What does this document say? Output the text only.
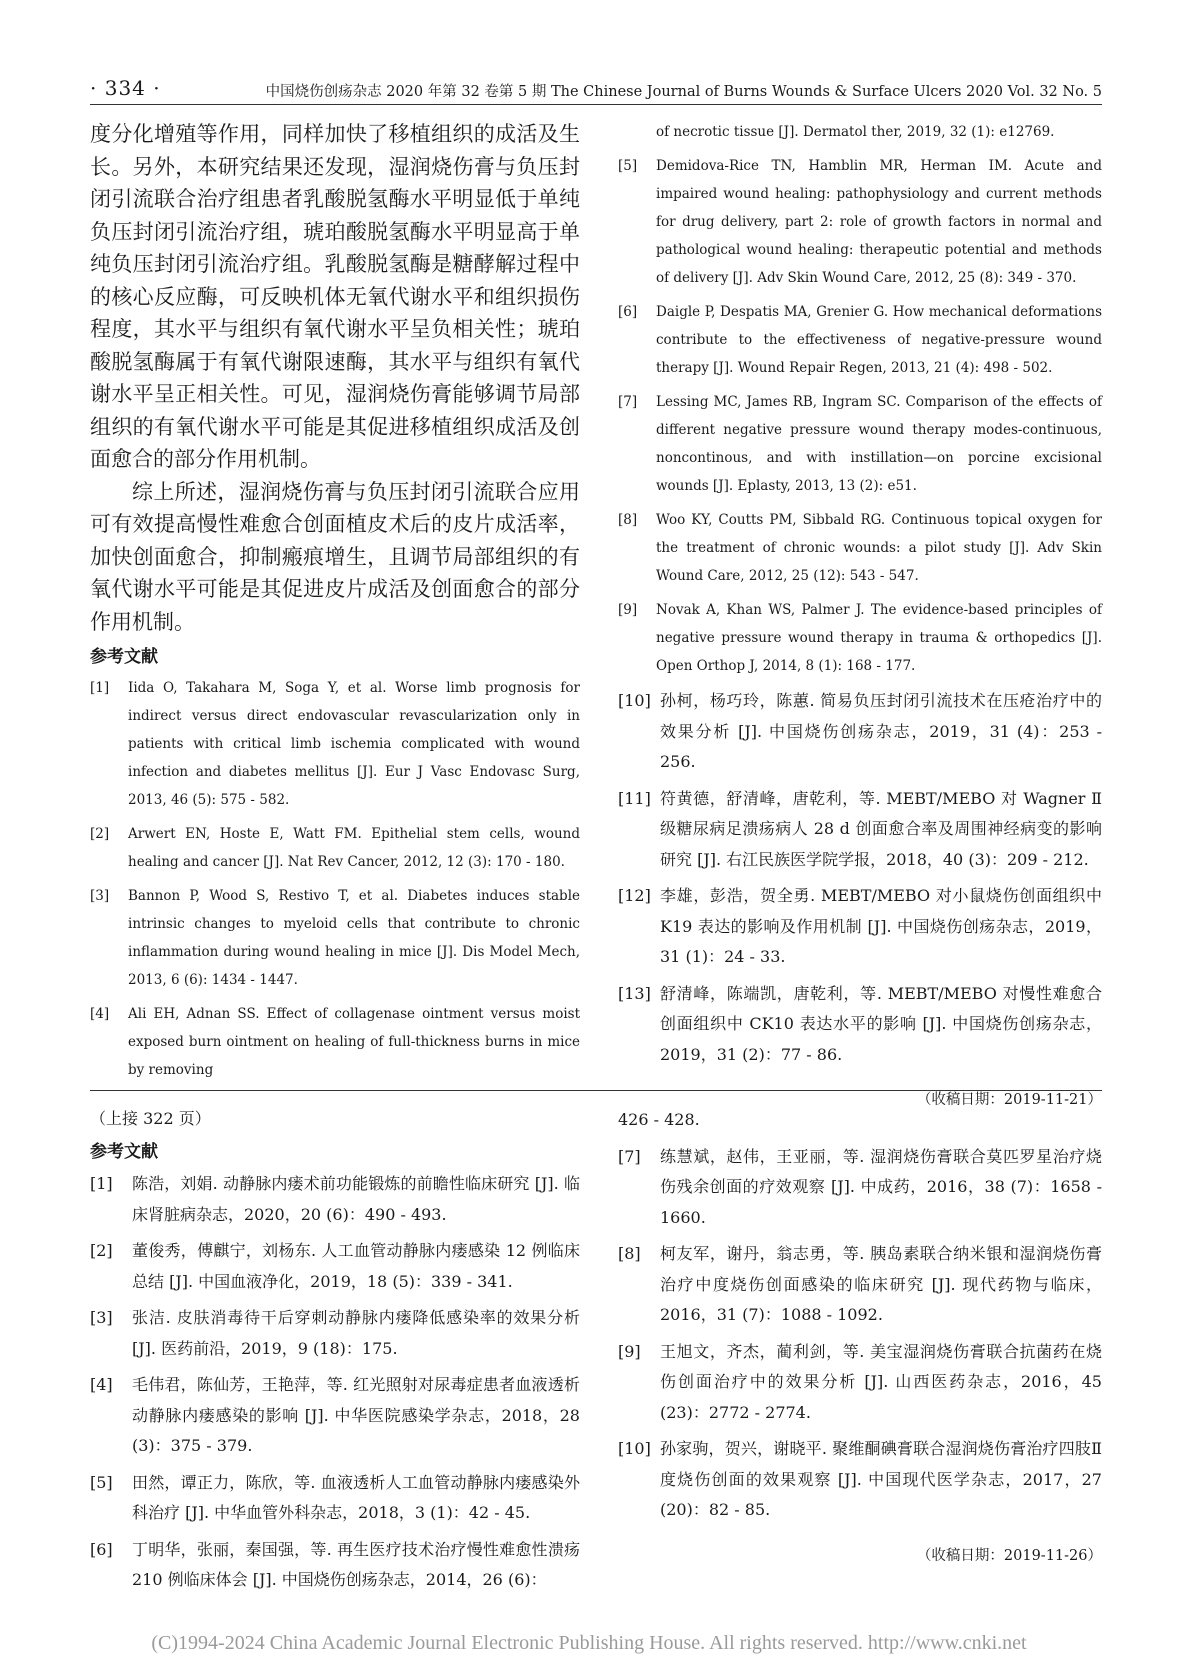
· 334 ·	中国烧伤创疡杂志 2020 年第 32 卷第 5 期 The Chinese Journal of Burns Wounds & Surface Ulcers 2020 Vol. 32 No. 5

度分化增殖等作用，同样加快了移植组织的成活及生长。另外，本研究结果还发现，湿润烧伤膏与负压封闭引流联合治疗组患者乳酸脱氢酶水平明显低于单纯负压封闭引流治疗组，琥珀酸脱氢酶水平明显高于单纯负压封闭引流治疗组。乳酸脱氢酶是糖酵解过程中的核心反应酶，可反映机体无氧代谢水平和组织损伤程度，其水平与组织有氧代谢水平呈负相关性；琥珀酸脱氢酶属于有氧代谢限速酶，其水平与组织有氧代谢水平呈正相关性。可见，湿润烧伤膏能够调节局部组织的有氧代谢水平可能是其促进移植组织成活及创面愈合的部分作用机制。

综上所述，湿润烧伤膏与负压封闭引流联合应用可有效提高慢性难愈合创面植皮术后的皮片成活率，加快创面愈合，抑制瘢痕增生，且调节局部组织的有氧代谢水平可能是其促进皮片成活及创面愈合的部分作用机制。

参考文献
[1]	Iida O, Takahara M, Soga Y, et al. Worse limb prognosis for indirect versus direct endovascular revascularization only in patients with critical limb ischemia complicated with wound infection and diabetes mellitus [J]. Eur J Vasc Endovasc Surg, 2013, 46 (5): 575 - 582.
[2]	Arwert EN, Hoste E, Watt FM. Epithelial stem cells, wound healing and cancer [J]. Nat Rev Cancer, 2012, 12 (3): 170 - 180.
[3]	Bannon P, Wood S, Restivo T, et al. Diabetes induces stable intrinsic changes to myeloid cells that contribute to chronic inflammation during wound healing in mice [J]. Dis Model Mech, 2013, 6 (6): 1434 - 1447.
[4]	Ali EH, Adnan SS. Effect of collagenase ointment versus moist exposed burn ointment on healing of full-thickness burns in mice by removing
of necrotic tissue [J]. Dermatol ther, 2019, 32 (1): e12769.
[5]	Demidova-Rice TN, Hamblin MR, Herman IM. Acute and impaired wound healing: pathophysiology and current methods for drug delivery, part 2: role of growth factors in normal and pathological wound healing: therapeutic potential and methods of delivery [J]. Adv Skin Wound Care, 2012, 25 (8): 349 - 370.
[6]	Daigle P, Despatis MA, Grenier G. How mechanical deformations contribute to the effectiveness of negative-pressure wound therapy [J]. Wound Repair Regen, 2013, 21 (4): 498 - 502.
[7]	Lessing MC, James RB, Ingram SC. Comparison of the effects of different negative pressure wound therapy modes-continuous, noncontinous, and with instillation—on porcine excisional wounds [J]. Eplasty, 2013, 13 (2): e51.
[8]	Woo KY, Coutts PM, Sibbald RG. Continuous topical oxygen for the treatment of chronic wounds: a pilot study [J]. Adv Skin Wound Care, 2012, 25 (12): 543 - 547.
[9]	Novak A, Khan WS, Palmer J. The evidence-based principles of negative pressure wound therapy in trauma & orthopedics [J]. Open Orthop J, 2014, 8 (1): 168 - 177.
[10] 孙柯，杨巧玲，陈蕙. 简易负压封闭引流技术在压疮治疗中的效果分析 [J]. 中国烧伤创疡杂志，2019，31 (4)：253 - 256.
[11] 符黄德，舒清峰，唐乾利，等. MEBT/MEBO 对 Wagner Ⅱ级糖尿病足溃疡病人 28 d 创面愈合率及周围神经病变的影响研究 [J]. 右江民族医学院学报，2018，40 (3)：209 - 212.
[12] 李雄，彭浩，贺全勇. MEBT/MEBO 对小鼠烧伤创面组织中 K19 表达的影响及作用机制 [J]. 中国烧伤创疡杂志，2019，31 (1)：24 - 33.
[13] 舒清峰，陈端凯，唐乾利，等. MEBT/MEBO 对慢性难愈合创面组织中 CK10 表达水平的影响 [J]. 中国烧伤创疡杂志，2019，31 (2)：77 - 86.
（收稿日期：2019-11-21）
（上接 322 页）
参考文献
[1]	陈浩，刘娟. 动静脉内瘘术前功能锻炼的前瞻性临床研究 [J]. 临床肾脏病杂志，2020，20 (6)：490 - 493.
[2]	董俊秀，傅麒宁，刘杨东. 人工血管动静脉内瘘感染 12 例临床总结 [J]. 中国血液净化，2019，18 (5)：339 - 341.
[3]	张洁. 皮肤消毒待干后穿刺动静脉内瘘降低感染率的效果分析 [J]. 医药前沿，2019，9 (18)：175.
[4]	毛伟君，陈仙芳，王艳萍，等. 红光照射对尿毒症患者血液透析动静脉内瘘感染的影响 [J]. 中华医院感染学杂志，2018，28 (3)：375 - 379.
[5]	田然，谭正力，陈欣，等. 血液透析人工血管动静脉内瘘感染外科治疗 [J]. 中华血管外科杂志，2018，3 (1)：42 - 45.
[6]	丁明华，张丽，秦国强，等. 再生医疗技术治疗慢性难愈性溃疡 210 例临床体会 [J]. 中国烧伤创疡杂志，2014，26 (6)：
426 - 428.
[7]	练慧斌，赵伟，王亚丽，等. 湿润烧伤膏联合莫匹罗星治疗烧伤残余创面的疗效观察 [J]. 中成药，2016，38 (7)：1658 - 1660.
[8]	柯友军，谢丹，翁志勇，等. 胰岛素联合纳米银和湿润烧伤膏治疗中度烧伤创面感染的临床研究 [J]. 现代药物与临床，2016，31 (7)：1088 - 1092.
[9]	王旭文，齐杰，蔺利剑，等. 美宝湿润烧伤膏联合抗菌药在烧伤创面治疗中的效果分析 [J]. 山西医药杂志，2016，45 (23)：2772 - 2774.
[10] 孙家驹，贺兴，谢晓平. 聚维酮碘膏联合湿润烧伤膏治疗四肢Ⅱ度烧伤创面的效果观察 [J]. 中国现代医学杂志，2017，27 (20)：82 - 85.
（收稿日期：2019-11-26）
(C)1994-2024 China Academic Journal Electronic Publishing House. All rights reserved. http://www.cnki.net
